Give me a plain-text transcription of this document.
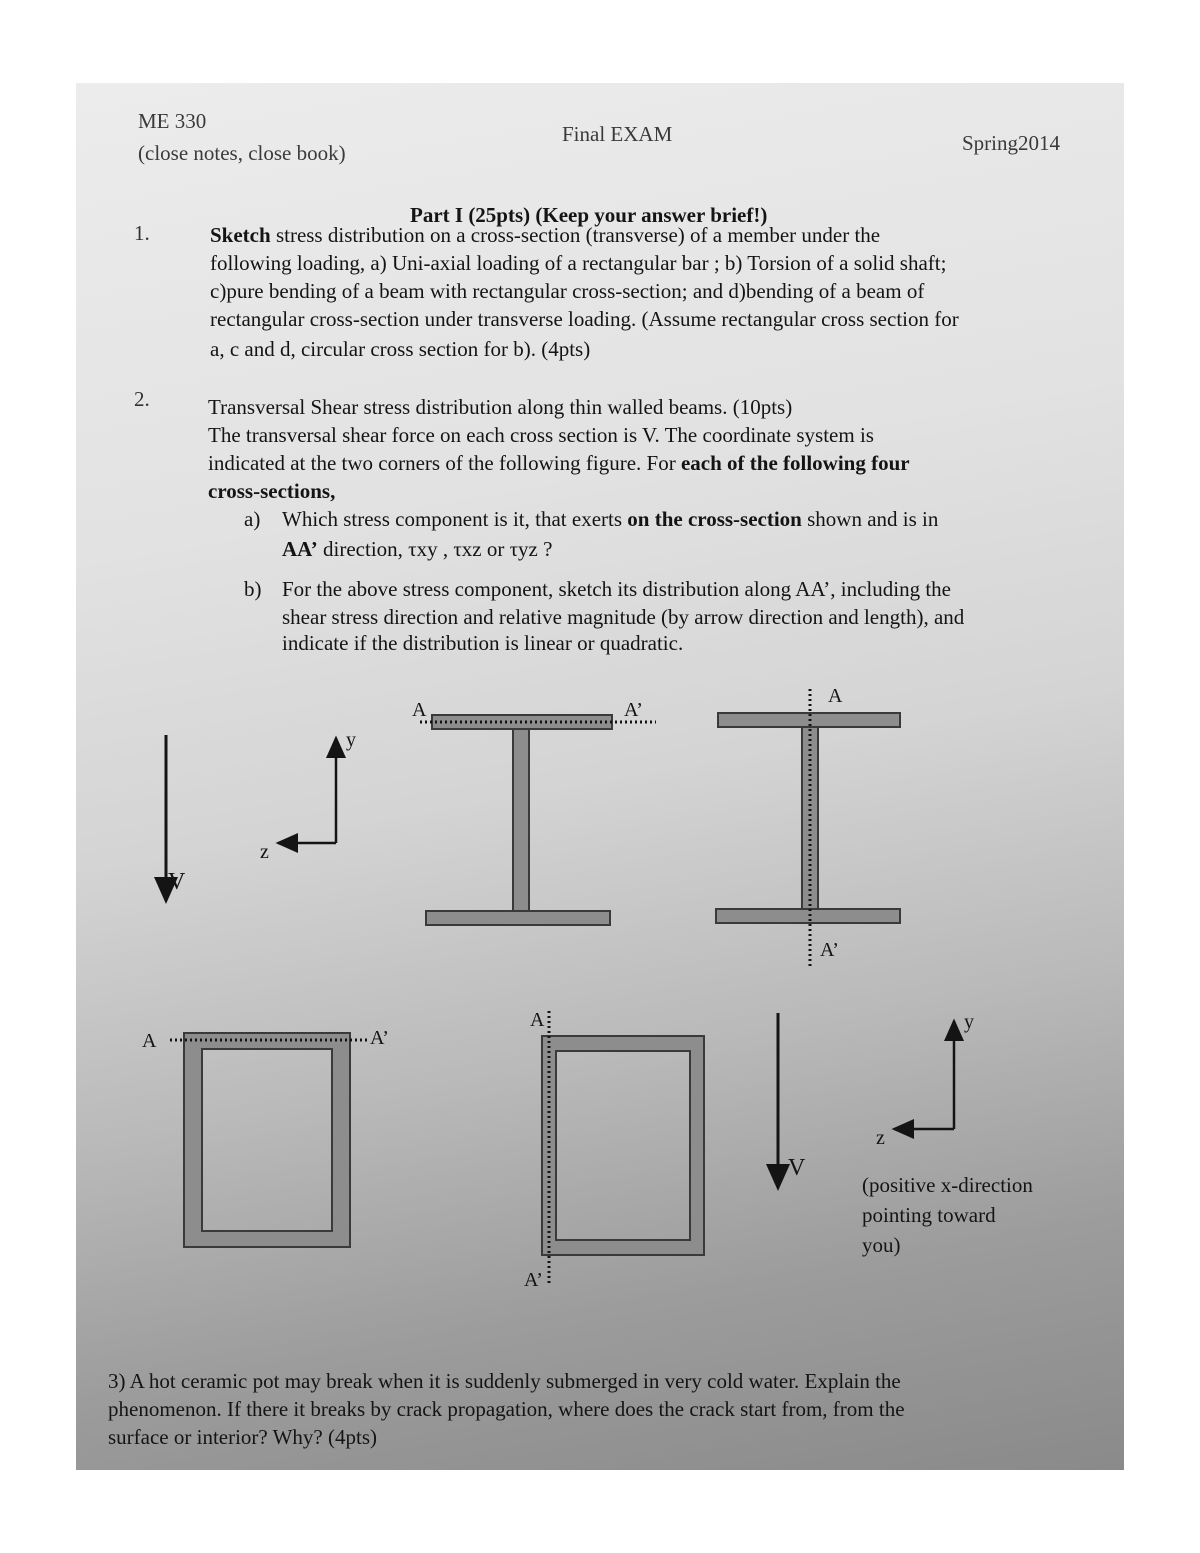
ME 330
(close notes, close book)
Final EXAM	Spring2014
Part I (25pts) (Keep your answer brief!)
1.	Sketch stress distribution on a cross-section (transverse) of a member under the
following loading, a) Uni-axial loading of a rectangular bar ; b) Torsion of a solid shaft;
c)pure bending of a beam with rectangular cross-section; and d)bending of a beam of
rectangular cross-section under transverse loading. (Assume rectangular cross section for
a, c and d, circular cross section for b). (4pts)
2.	Transversal Shear stress distribution along thin walled beams. (10pts)
The transversal shear force on each cross section is V. The coordinate system is
indicated at the two corners of the following figure. For each of the following four
cross-sections,
a) Which stress component is it, that exerts on the cross-section shown and is in
AA’ direction, τxy , τxz or τyz ?
b) For the above stress component, sketch its distribution along AA’, including the
shear stress direction and relative magnitude (by arrow direction and length), and
indicate if the distribution is linear or quadratic.
V
y
z
A	A’
A
A’
A	A’
A
A’
V
y
z
(positive x-direction
pointing toward
you)
3) A hot ceramic pot may break when it is suddenly submerged in very cold water. Explain the
phenomenon. If there it breaks by crack propagation, where does the crack start from, from the
surface or interior? Why? (4pts)
